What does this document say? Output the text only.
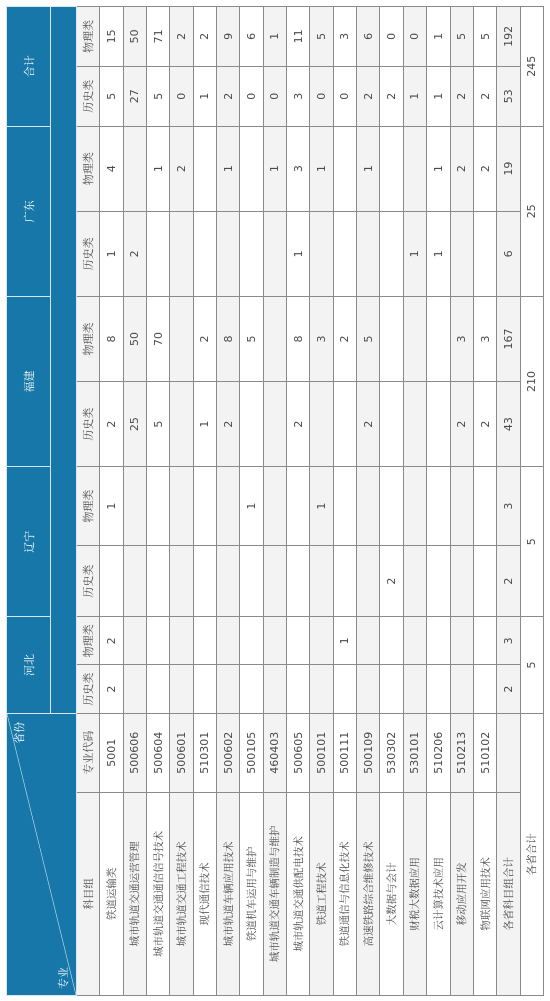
省份
专业		河北		辽宁		福建		广东		合计	

科目组	专业代码	历史类	物理类	历史类	物理类	历史类	物理类	历史类	物理类	历史类	物理类
铁道运输类	5001	2	2		1	2	8	1	4	5	15
城市轨道交通运营管理	500606					25	50	2		27	50
城市轨道交通通信信号技术	500604					5	70		1	5	71
城市轨道交通工程技术	500601								2	0	2
现代通信技术	510301					1	2			1	2
城市轨道车辆应用技术	500602					2	8		1	2	9
铁道机车运用与维护	500105				1		5			0	6
城市轨道交通车辆制造与维护	460403								1	0	1
城市轨道交通供配电技术	500605					2	8	1	3	3	11
铁道工程技术	500101				1		3		1	0	5
铁道通信与信息化技术	500111		1				2			0	3
高速铁路综合维修技术	500109					2	5		1	2	6
大数据与会计	530302			2						2	0
财税大数据应用	530101							1		1	0
云计算技术应用	510206							1	1	1	1
移动应用开发	510213					2	3		2	2	5
物联网应用技术	510102					2	3		2	2	5
各省科目组合计		2	3	2	3	43	167	6	19	53	192
各省合计		5		5		210		25		245	
